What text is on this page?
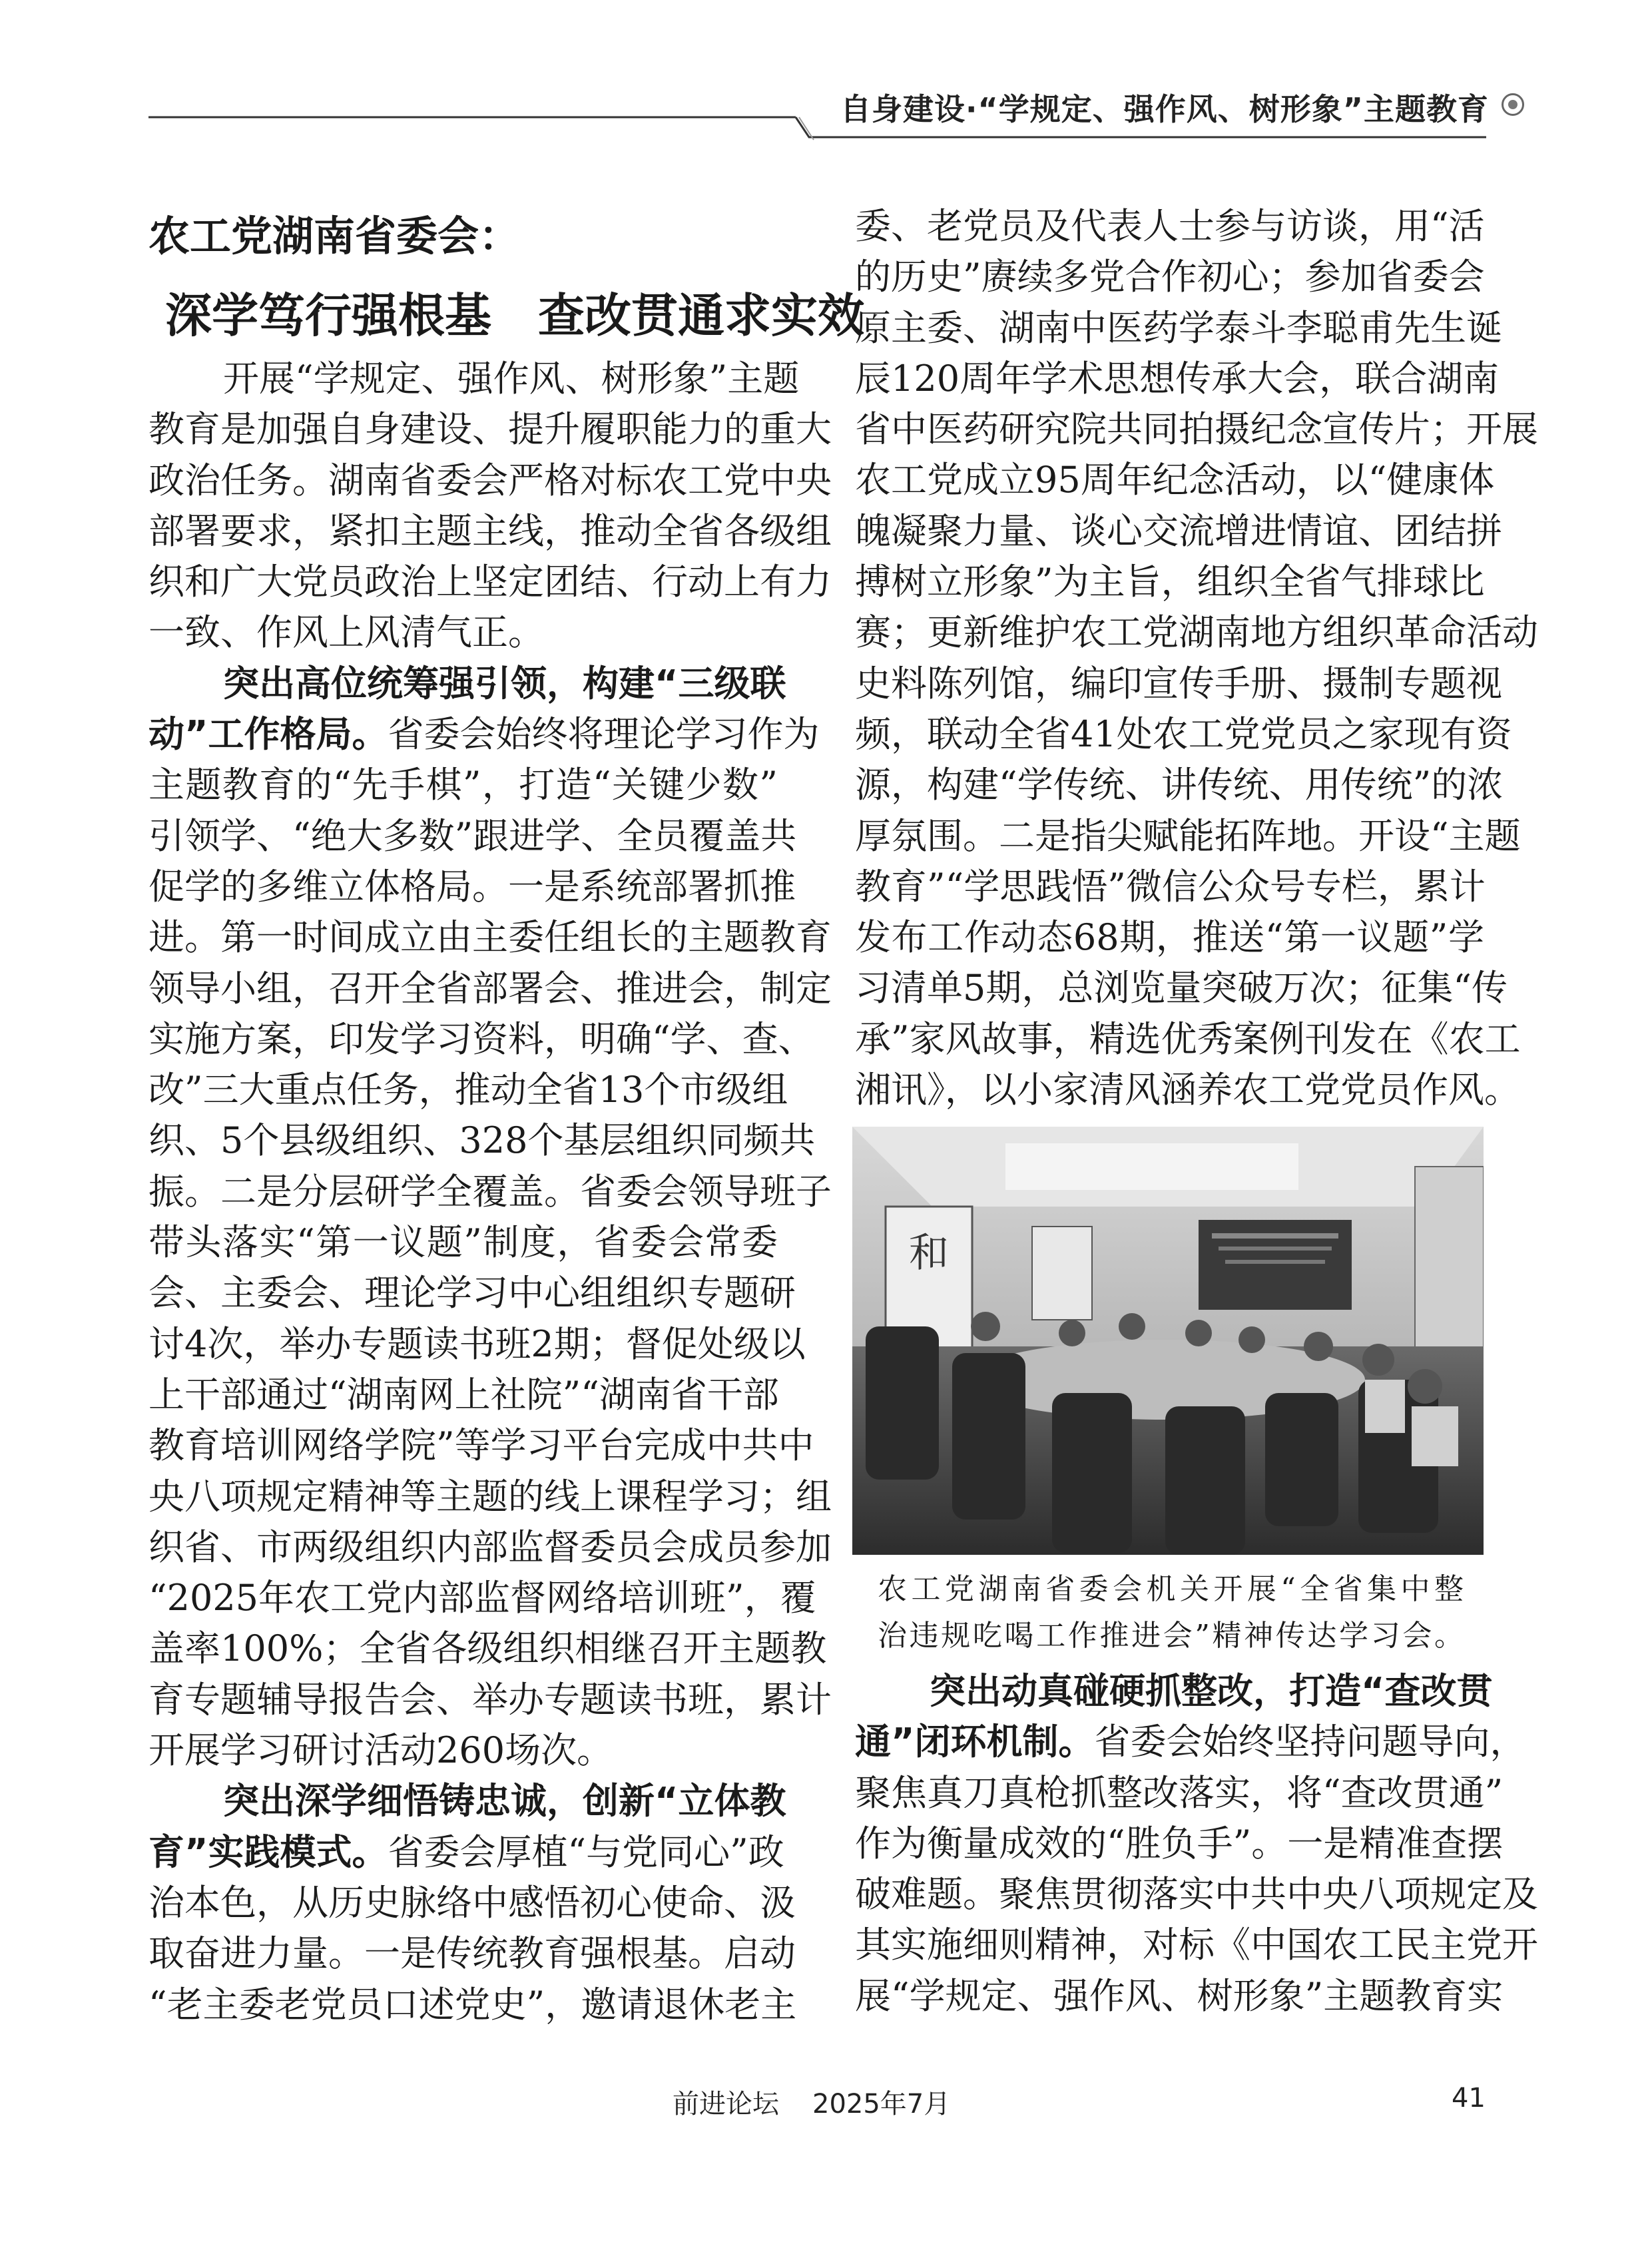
自身建设·“学规定、强作风、树形象”主题教育
农工党湖南省委会：
深学笃行强根基　查改贯通求实效
开展“学规定、强作风、树形象”主题
教育是加强自身建设、提升履职能力的重大
政治任务。湖南省委会严格对标农工党中央
部署要求，紧扣主题主线，推动全省各级组
织和广大党员政治上坚定团结、行动上有力
一致、作风上风清气正。
突出高位统筹强引领，构建“三级联
动”工作格局。省委会始终将理论学习作为
主题教育的“先手棋”，打造“关键少数”
引领学、“绝大多数”跟进学、全员覆盖共
促学的多维立体格局。一是系统部署抓推
进。第一时间成立由主委任组长的主题教育
领导小组，召开全省部署会、推进会，制定
实施方案，印发学习资料，明确“学、查、
改”三大重点任务，推动全省13个市级组
织、5个县级组织、328个基层组织同频共
振。二是分层研学全覆盖。省委会领导班子
带头落实“第一议题”制度，省委会常委
会、主委会、理论学习中心组组织专题研
讨4次，举办专题读书班2期；督促处级以
上干部通过“湖南网上社院”“湖南省干部
教育培训网络学院”等学习平台完成中共中
央八项规定精神等主题的线上课程学习；组
织省、市两级组织内部监督委员会成员参加
“2025年农工党内部监督网络培训班”，覆
盖率100%；全省各级组织相继召开主题教
育专题辅导报告会、举办专题读书班，累计
开展学习研讨活动260场次。
突出深学细悟铸忠诚，创新“立体教
育”实践模式。省委会厚植“与党同心”政
治本色，从历史脉络中感悟初心使命、汲
取奋进力量。一是传统教育强根基。启动
“老主委老党员口述党史”，邀请退休老主
委、老党员及代表人士参与访谈，用“活
的历史”赓续多党合作初心；参加省委会
原主委、湖南中医药学泰斗李聪甫先生诞
辰120周年学术思想传承大会，联合湖南
省中医药研究院共同拍摄纪念宣传片；开展
农工党成立95周年纪念活动，以“健康体
魄凝聚力量、谈心交流增进情谊、团结拼
搏树立形象”为主旨，组织全省气排球比
赛；更新维护农工党湖南地方组织革命活动
史料陈列馆，编印宣传手册、摄制专题视
频，联动全省41处农工党党员之家现有资
源，构建“学传统、讲传统、用传统”的浓
厚氛围。二是指尖赋能拓阵地。开设“主题
教育”“学思践悟”微信公众号专栏，累计
发布工作动态68期，推送“第一议题”学
习清单5期，总浏览量突破万次；征集“传
承”家风故事，精选优秀案例刊发在《农工
湘讯》，以小家清风涵养农工党党员作风。
和
农工党湖南省委会机关开展“全省集中整
治违规吃喝工作推进会”精神传达学习会。
突出动真碰硬抓整改，打造“查改贯
通”闭环机制。省委会始终坚持问题导向，
聚焦真刀真枪抓整改落实，将“查改贯通”
作为衡量成效的“胜负手”。一是精准查摆
破难题。聚焦贯彻落实中共中央八项规定及
其实施细则精神，对标《中国农工民主党开
展“学规定、强作风、树形象”主题教育实
前进论坛 2025年7月	41
